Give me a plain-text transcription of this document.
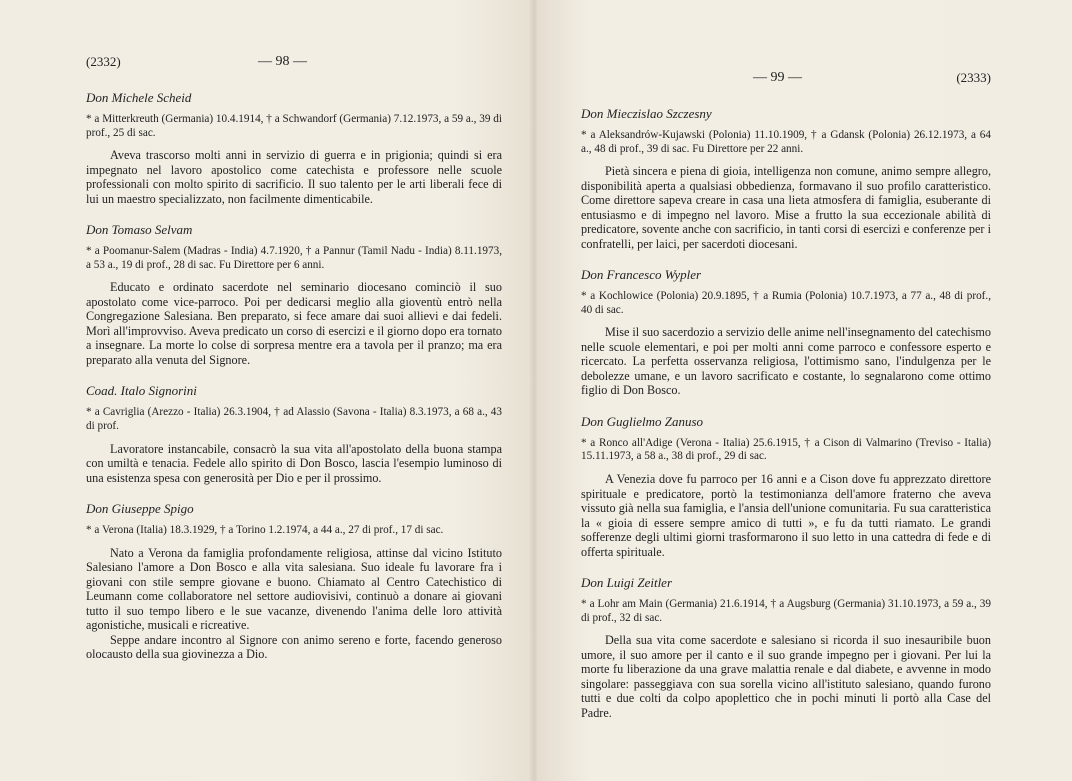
(2332)	— 98 —

Don Michele Scheid

* a Mitterkreuth (Germania) 10.4.1914, † a Schwandorf (Germania) 7.12.1973, a 59 a., 39 di prof., 25 di sac.

Aveva trascorso molti anni in servizio di guerra e in prigionia; quindi si era impegnato nel lavoro apostolico come catechista e professore nelle scuole professionali con molto spirito di sacrificio. Il suo talento per le arti liberali fece di lui un maestro specializzato, non facilmente dimenticabile.

Don Tomaso Selvam

* a Poomanur-Salem (Madras - India) 4.7.1920, † a Pannur (Tamil Nadu - India) 8.11.1973, a 53 a., 19 di prof., 28 di sac. Fu Direttore per 6 anni.

Educato e ordinato sacerdote nel seminario diocesano cominciò il suo apostolato come vice-parroco. Poi per dedicarsi meglio alla gioventù entrò nella Congregazione Salesiana. Ben preparato, si fece amare dai suoi allievi e dai fedeli. Morì all'improvviso. Aveva predicato un corso di esercizi e il giorno dopo era tornato a insegnare. La morte lo colse di sorpresa mentre era a tavola per il pranzo; ma era preparato alla venuta del Signore.

Coad. Italo Signorini

* a Cavriglia (Arezzo - Italia) 26.3.1904, † ad Alassio (Savona - Italia) 8.3.1973, a 68 a., 43 di prof.

Lavoratore instancabile, consacrò la sua vita all'apostolato della buona stampa con umiltà e tenacia. Fedele allo spirito di Don Bosco, lascia l'esempio luminoso di una esistenza spesa con generosità per Dio e per il prossimo.

Don Giuseppe Spigo

* a Verona (Italia) 18.3.1929, † a Torino 1.2.1974, a 44 a., 27 di prof., 17 di sac.

Nato a Verona da famiglia profondamente religiosa, attinse dal vicino Istituto Salesiano l'amore a Don Bosco e alla vita salesiana. Suo ideale fu lavorare fra i giovani con stile sempre giovane e buono. Chiamato al Centro Catechistico di Leumann come collaboratore nel settore audiovisivi, continuò a donare ai giovani tutto il suo tempo libero e le sue vacanze, divenendo l'anima delle loro attività agonistiche, musicali e ricreative.

Seppe andare incontro al Signore con animo sereno e forte, facendo generoso olocausto della sua giovinezza a Dio.

— 99 —	(2333)

Don Mieczislao Szczesny

* a Aleksandrów-Kujawski (Polonia) 11.10.1909, † a Gdansk (Polonia) 26.12.1973, a 64 a., 48 di prof., 39 di sac. Fu Direttore per 22 anni.

Pietà sincera e piena di gioia, intelligenza non comune, animo sempre allegro, disponibilità aperta a qualsiasi obbedienza, formavano il suo profilo caratteristico. Come direttore sapeva creare in casa una lieta atmosfera di famiglia, esuberante di entusiasmo e di impegno nel lavoro. Mise a frutto la sua eccezionale abilità di predicatore, sovente anche con sacrificio, in tanti corsi di esercizi e conferenze per i confratelli, per laici, per sacerdoti diocesani.

Don Francesco Wypler

* a Kochlowice (Polonia) 20.9.1895, † a Rumia (Polonia) 10.7.1973, a 77 a., 48 di prof., 40 di sac.

Mise il suo sacerdozio a servizio delle anime nell'insegnamento del catechismo nelle scuole elementari, e poi per molti anni come parroco e confessore esperto e ricercato. La perfetta osservanza religiosa, l'ottimismo sano, l'indulgenza per le debolezze umane, e un lavoro sacrificato e costante, lo segnalarono come ottimo figlio di Don Bosco.

Don Guglielmo Zanuso

* a Ronco all'Adige (Verona - Italia) 25.6.1915, † a Cison di Valmarino (Treviso - Italia) 15.11.1973, a 58 a., 38 di prof., 29 di sac.

A Venezia dove fu parroco per 16 anni e a Cison dove fu apprezzato direttore spirituale e predicatore, portò la testimonianza dell'amore fraterno che aveva vissuto già nella sua famiglia, e l'ansia dell'unione comunitaria. Fu sua caratteristica la « gioia di essere sempre amico di tutti », e fu da tutti riamato. Le grandi sofferenze degli ultimi giorni trasformarono il suo letto in una cattedra di fede e di offerta spirituale.

Don Luigi Zeitler

* a Lohr am Main (Germania) 21.6.1914, † a Augsburg (Germania) 31.10.1973, a 59 a., 39 di prof., 32 di sac.

Della sua vita come sacerdote e salesiano si ricorda il suo inesauribile buon umore, il suo amore per il canto e il suo grande impegno per i giovani. Per lui la morte fu liberazione da una grave malattia renale e dal diabete, e avvenne in modo singolare: passeggiava con sua sorella vicino all'istituto salesiano, quando furono tutti e due colti da colpo apoplettico che in pochi minuti li portò alla Case del Padre.
